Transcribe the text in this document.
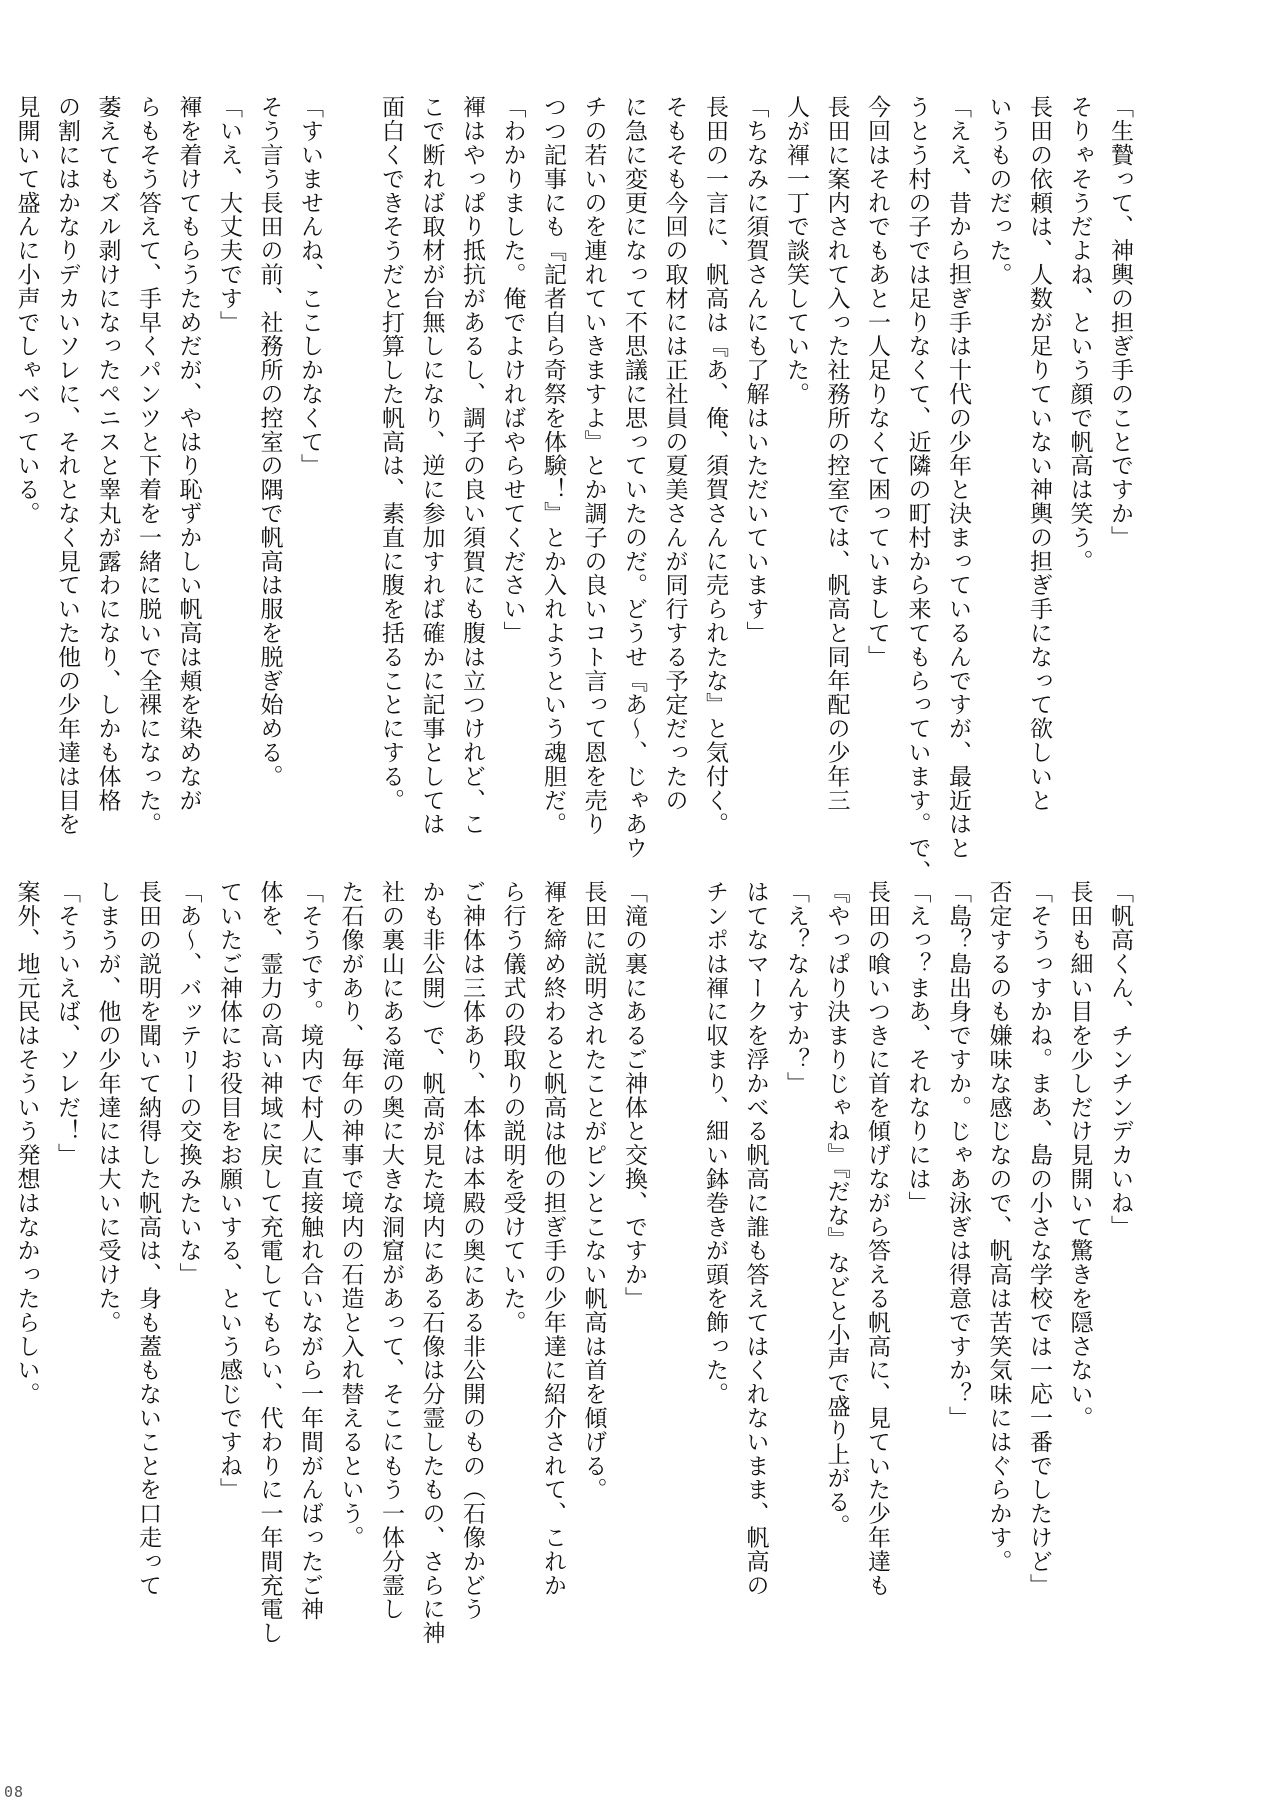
「生贄って、神輿の担ぎ手のことですか」
そりゃそうだよね、という顔で帆高は笑う。
長田の依頼は、人数が足りていない神輿の担ぎ手になって欲しいと
いうものだった。
「ええ、昔から担ぎ手は十代の少年と決まっているんですが、最近はと
うとう村の子では足りなくて、近隣の町村から来てもらっています。で、
今回はそれでもあと一人足りなくて困っていまして」
長田に案内されて入った社務所の控室では、帆高と同年配の少年三
人が褌一丁で談笑していた。
「ちなみに須賀さんにも了解はいただいています」
長田の一言に、帆高は『あ、俺、須賀さんに売られたな』と気付く。
そもそも今回の取材には正社員の夏美さんが同行する予定だったの
に急に変更になって不思議に思っていたのだ。どうせ『あ〜、じゃあウ
チの若いのを連れていきますよ』とか調子の良いコト言って恩を売り
つつ記事にも『記者自ら奇祭を体験！』とか入れようという魂胆だ。
「わかりました。俺でよければやらせてください」
褌はやっぱり抵抗があるし、調子の良い須賀にも腹は立つけれど、こ
こで断れば取材が台無しになり、逆に参加すれば確かに記事としては
面白くできそうだと打算した帆高は、素直に腹を括ることにする。
「すいませんね、ここしかなくて」
そう言う長田の前、社務所の控室の隅で帆高は服を脱ぎ始める。
「いえ、大丈夫です」
褌を着けてもらうためだが、やはり恥ずかしい帆高は頬を染めなが
らもそう答えて、手早くパンツと下着を一緒に脱いで全裸になった。
萎えてもズル剥けになったペニスと睾丸が露わになり、しかも体格
の割にはかなりデカいソレに、それとなく見ていた他の少年達は目を
見開いて盛んに小声でしゃべっている。
「帆高くん、チンチンデカいね」
長田も細い目を少しだけ見開いて驚きを隠さない。
「そうっすかね。まあ、島の小さな学校では一応一番でしたけど」
否定するのも嫌味な感じなので、帆高は苦笑気味にはぐらかす。
「島？島出身ですか。じゃあ泳ぎは得意ですか？」
「えっ？まあ、それなりには」
長田の喰いつきに首を傾げながら答える帆高に、見ていた少年達も
『やっぱり決まりじゃね』『だな』などと小声で盛り上がる。
「え？なんすか？」
はてなマークを浮かべる帆高に誰も答えてはくれないまま、帆高の
チンポは褌に収まり、細い鉢巻きが頭を飾った。
「滝の裏にあるご神体と交換、ですか」
長田に説明されたことがピンとこない帆高は首を傾げる。
褌を締め終わると帆高は他の担ぎ手の少年達に紹介されて、これか
ら行う儀式の段取りの説明を受けていた。
ご神体は三体あり、本体は本殿の奥にある非公開のもの（石像かどう
かも非公開）で、帆高が見た境内にある石像は分霊したもの、さらに神
社の裏山にある滝の奥に大きな洞窟があって、そこにもう一体分霊し
た石像があり、毎年の神事で境内の石造と入れ替えるという。
「そうです。境内で村人に直接触れ合いながら一年間がんばったご神
体を、霊力の高い神域に戻して充電してもらい、代わりに一年間充電し
ていたご神体にお役目をお願いする、という感じですね」
「あ〜、バッテリーの交換みたいな」
長田の説明を聞いて納得した帆高は、身も蓋もないことを口走って
しまうが、他の少年達には大いに受けた。
「そういえば、ソレだ！」
案外、地元民はそういう発想はなかったらしい。
08
